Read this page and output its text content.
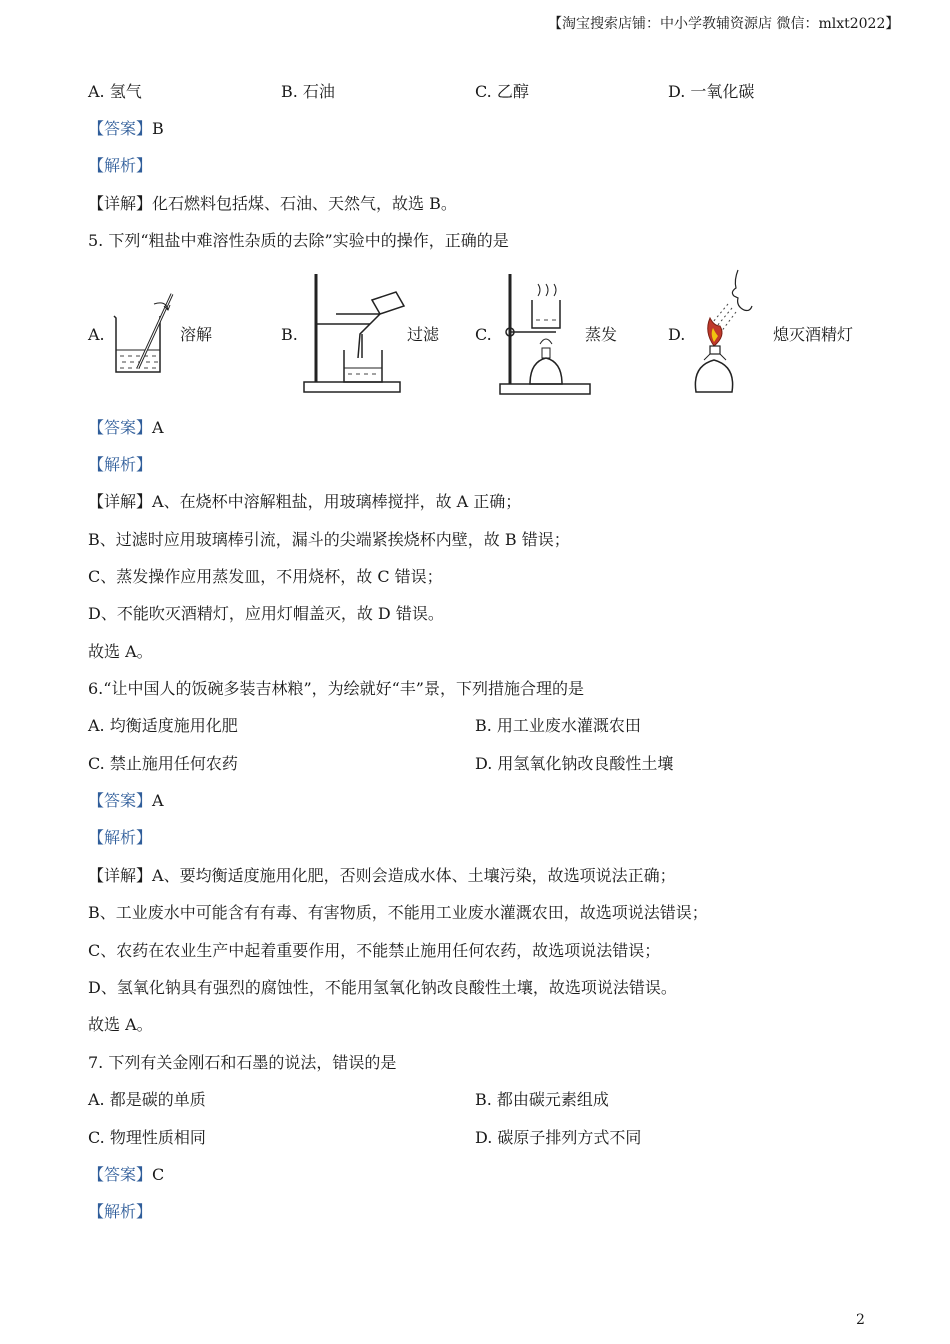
【淘宝搜索店铺：中小学教辅资源店 微信：mlxt2022】
A. 氢气	B. 石油	C. 乙醇	D. 一氧化碳
【答案】B
【解析】
【详解】化石燃料包括煤、石油、天然气，故选 B。
5. 下列“粗盐中难溶性杂质的去除”实验中的操作，正确的是
A.	溶解	B.	过滤 C.	蒸发	D.	熄灭酒精灯
【答案】A
【解析】
【详解】A、在烧杯中溶解粗盐，用玻璃棒搅拌，故 A 正确；
B、过滤时应用玻璃棒引流，漏斗的尖端紧挨烧杯内壁，故 B 错误；
C、蒸发操作应用蒸发皿，不用烧杯，故 C 错误；
D、不能吹灭酒精灯，应用灯帽盖灭，故 D 错误。
故选 A。
6.“让中国人的饭碗多装吉林粮”，为绘就好“丰”景，下列措施合理的是
A. 均衡适度施用化肥	B. 用工业废水灌溉农田
C. 禁止施用任何农药	D. 用氢氧化钠改良酸性土壤
【答案】A
【解析】
【详解】A、要均衡适度施用化肥，否则会造成水体、土壤污染，故选项说法正确；
B、工业废水中可能含有有毒、有害物质，不能用工业废水灌溉农田，故选项说法错误；
C、农药在农业生产中起着重要作用，不能禁止施用任何农药，故选项说法错误；
D、氢氧化钠具有强烈的腐蚀性，不能用氢氧化钠改良酸性土壤，故选项说法错误。
故选 A。
7. 下列有关金刚石和石墨的说法，错误的是
A. 都是碳的单质	B. 都由碳元素组成
C. 物理性质相同	D. 碳原子排列方式不同
【答案】C
【解析】
2
